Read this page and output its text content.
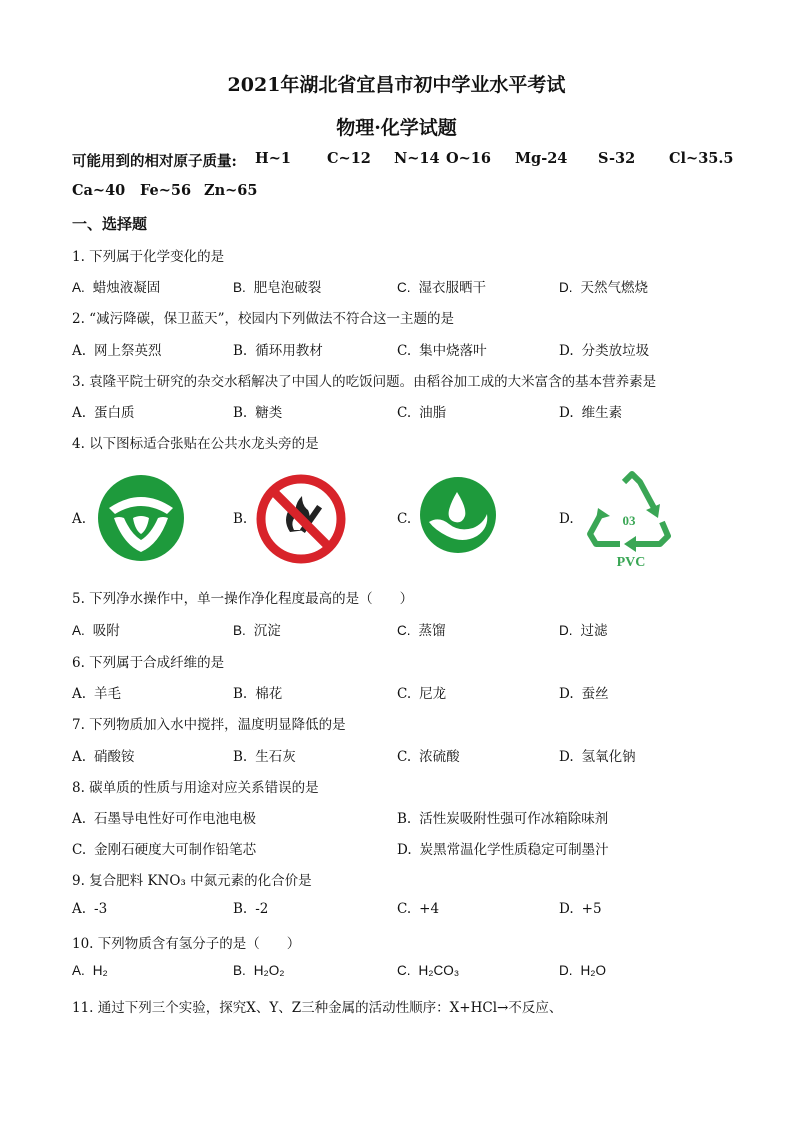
2021年湖北省宜昌市初中学业水平考试
物理·化学试题
可能用到的相对原子质量: H~1 C~12 N~14 O~16 Mg-24 S-32 Cl~35.5
Ca~40 Fe~56 Zn~65
一、选择题
1. 下列属于化学变化的是
A. 蜡烛液凝固	B. 肥皂泡破裂	C. 湿衣服晒干	D. 天然气燃烧
2. “减污降碳，保卫蓝天”，校园内下列做法不符合这一主题的是
A. 网上祭英烈	B. 循环用教材	C. 集中烧落叶	D. 分类放垃圾
3. 袁隆平院士研究的杂交水稻解决了中国人的吃饭问题。由稻谷加工成的大米富含的基本营养素是
A. 蛋白质	B. 糖类	C. 油脂	D. 维生素
4. 以下图标适合张贴在公共水龙头旁的是
A.	B.	C.	D.	03
PVC
5. 下列净水操作中，单一操作净化程度最高的是（　　）
A. 吸附	B. 沉淀	C. 蒸馏	D. 过滤
6. 下列属于合成纤维的是
A. 羊毛	B. 棉花	C. 尼龙	D. 蚕丝
7. 下列物质加入水中搅拌，温度明显降低的是
A. 硝酸铵	B. 生石灰	C. 浓硫酸	D. 氢氧化钠
8. 碳单质的性质与用途对应关系错误的是
A. 石墨导电性好可作电池电极	B. 活性炭吸附性强可作冰箱除味剂
C. 金刚石硬度大可制作铅笔芯	D. 炭黑常温化学性质稳定可制墨汁
9. 复合肥料 KNO₃ 中氮元素的化合价是
A. -3	B. -2	C. +4	D. +5
10. 下列物质含有氢分子的是（　　）
A. H₂	B. H₂O₂	C. H₂CO₃	D. H₂O
11. 通过下列三个实验，探究X、Y、Z三种金属的活动性顺序：X+HCl→不反应、
